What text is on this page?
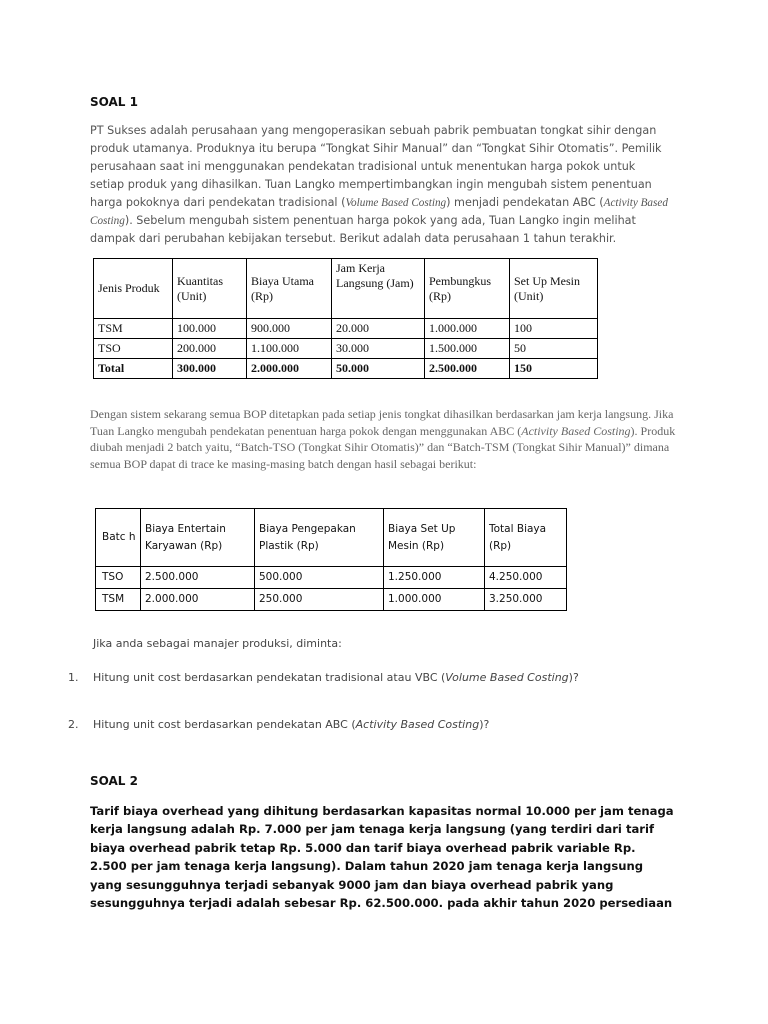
SOAL 1
PT Sukses adalah perusahaan yang mengoperasikan sebuah pabrik pembuatan tongkat sihir dengan produk utamanya. Produknya itu berupa “Tongkat Sihir Manual” dan “Tongkat Sihir Otomatis”. Pemilik perusahaan saat ini menggunakan pendekatan tradisional untuk menentukan harga pokok untuk setiap produk yang dihasilkan. Tuan Langko mempertimbangkan ingin mengubah sistem penentuan harga pokoknya dari pendekatan tradisional (Volume Based Costing) menjadi pendekatan ABC (Activity Based Costing). Sebelum mengubah sistem penentuan harga pokok yang ada, Tuan Langko ingin melihat dampak dari perubahan kebijakan tersebut. Berikut adalah data perusahaan 1 tahun terakhir.
Jenis Produk	Kuantitas (Unit)	Biaya Utama (Rp)	Jam Kerja Langsung (Jam)	Pembungkus (Rp)	Set Up Mesin (Unit)
TSM	100.000	900.000	20.000	1.000.000	100
TSO	200.000	1.100.000	30.000	1.500.000	50
Total	300.000	2.000.000	50.000	2.500.000	150
Dengan sistem sekarang semua BOP ditetapkan pada setiap jenis tongkat dihasilkan berdasarkan jam kerja langsung. Jika Tuan Langko mengubah pendekatan penentuan harga pokok dengan menggunakan ABC (Activity Based Costing). Produk diubah menjadi 2 batch yaitu, “Batch-TSO (Tongkat Sihir Otomatis)” dan “Batch-TSM (Tongkat Sihir Manual)” dimana semua BOP dapat di trace ke masing-masing batch dengan hasil sebagai berikut:
Batc h	Biaya Entertain Karyawan (Rp)	Biaya Pengepakan Plastik (Rp)	Biaya Set Up Mesin (Rp)	Total Biaya (Rp)
TSO	2.500.000	500.000	1.250.000	4.250.000
TSM	2.000.000	250.000	1.000.000	3.250.000
Jika anda sebagai manajer produksi, diminta:
1. Hitung unit cost berdasarkan pendekatan tradisional atau VBC (Volume Based Costing)?
2. Hitung unit cost berdasarkan pendekatan ABC (Activity Based Costing)?
SOAL 2
Tarif biaya overhead yang dihitung berdasarkan kapasitas normal 10.000 per jam tenaga kerja langsung adalah Rp. 7.000 per jam tenaga kerja langsung (yang terdiri dari tarif biaya overhead pabrik tetap Rp. 5.000 dan tarif biaya overhead pabrik variable Rp. 2.500 per jam tenaga kerja langsung). Dalam tahun 2020 jam tenaga kerja langsung yang sesungguhnya terjadi sebanyak 9000 jam dan biaya overhead pabrik yang sesungguhnya terjadi adalah sebesar Rp. 62.500.000. pada akhir tahun 2020 persediaan
